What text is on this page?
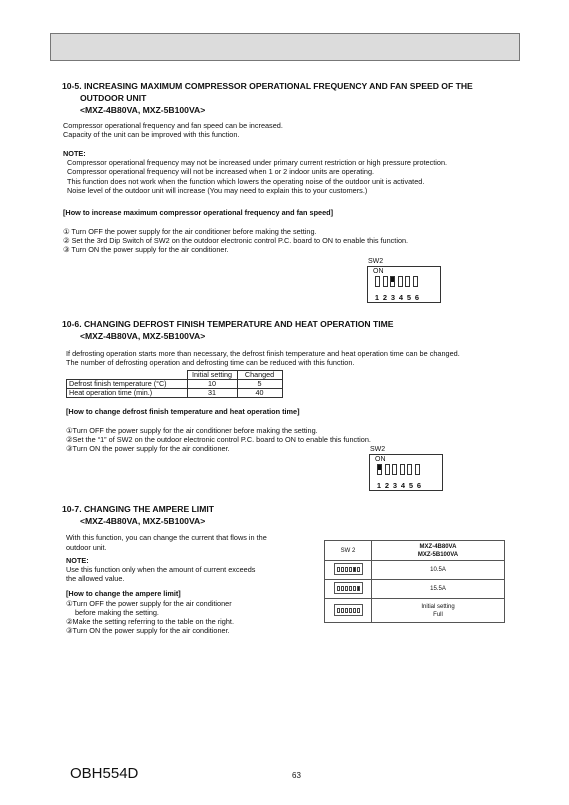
10-5. INCREASING MAXIMUM COMPRESSOR OPERATIONAL FREQUENCY AND FAN SPEED OF THE
OUTDOOR UNIT
<MXZ-4B80VA, MXZ-5B100VA>
Compressor operational frequency and fan speed can be increased.
Capacity of the unit can be improved with this function.
NOTE:
Compressor operational frequency may not be increased under primary current restriction or high pressure protection.
Compressor operational frequency will not be increased when 1 or 2 indoor units are operating.
This function does not work when the function which lowers the operating noise of the outdoor unit is activated.
Noise level of the outdoor unit will increase (You may need to explain this to your customers.)
[How to increase maximum compressor operational frequency and fan speed]
① Turn OFF the power supply for the air conditioner before making the setting.
② Set the 3rd Dip Switch of SW2 on the outdoor electronic control P.C. board to ON to enable this function.
③ Turn ON the power supply for the air conditioner.
SW2
ON
1 2 3 4 5 6
10-6. CHANGING DEFROST FINISH TEMPERATURE AND HEAT OPERATION TIME
<MXZ-4B80VA, MXZ-5B100VA>
If defrosting operation starts more than necessary, the defrost finish temperature and heat operation time can be changed.
The number of defrosting operation and defrosting time can be reduced with this function.
	Initial setting	Changed
Defrost finish temperature (°C)	10	5
Heat operation time (min.)	31	40
[How to change defrost finish temperature and heat operation time]
①Turn OFF the power supply for the air conditioner before making the setting.
②Set the “1” of SW2 on the outdoor electronic control P.C. board to ON to enable this function.
③Turn ON the power supply for the air conditioner.	SW2
ON
1 2 3 4 5 6
10-7. CHANGING THE AMPERE LIMIT
<MXZ-4B80VA, MXZ-5B100VA>
With this function, you can change the current that flows in the
outdoor unit.
NOTE:
Use this function only when the amount of current exceeds
the allowed value.
[How to change the ampere limit]
①Turn OFF the power supply for the air conditioner
before making the setting.
②Make the setting referring to the table on the right.
③Turn ON the power supply for the air conditioner.
SW 2	MXZ-4B80VA
MXZ-5B100VA

	10.5A

	15.5A

	Initial setting
Full
OBH554D	63
